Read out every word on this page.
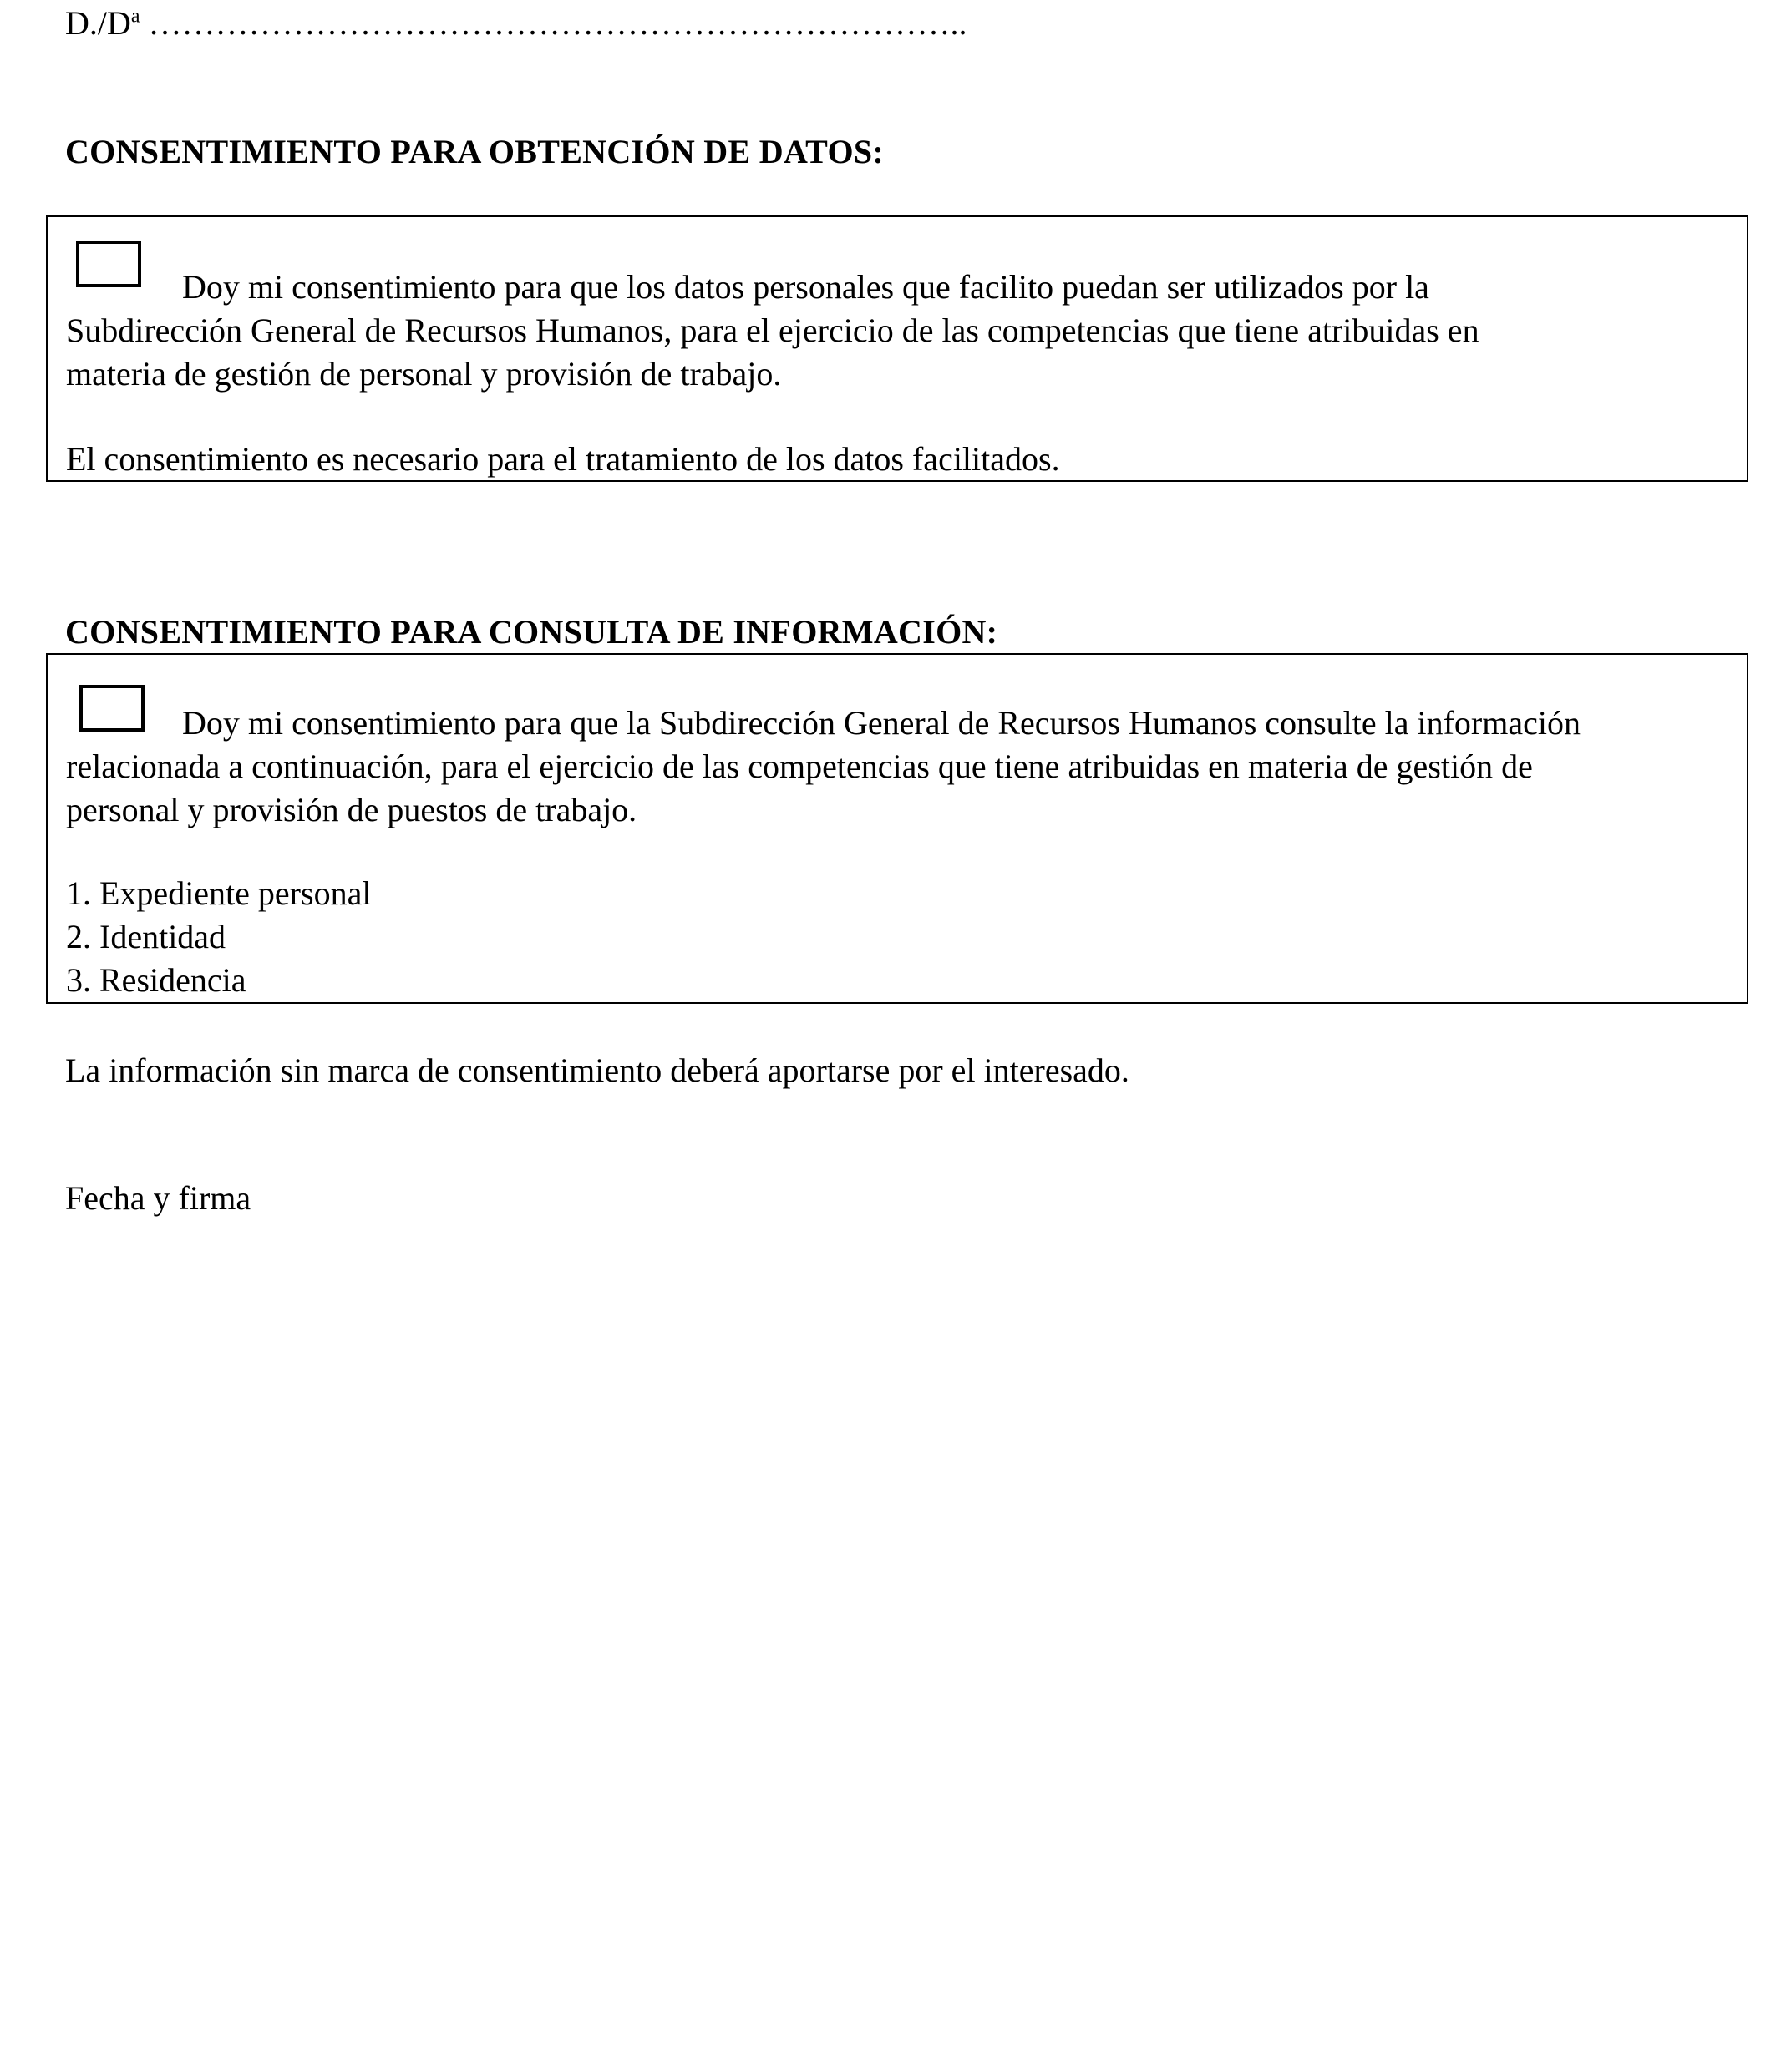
$D./D^a$ ………………………………………………………………..
CONSENTIMIENTO PARA OBTENCIÓN DE DATOS:
Doy mi consentimiento para que los datos personales que facilito puedan ser utilizados por la
Subdirección General de Recursos Humanos, para el ejercicio de las competencias que tiene atribuidas en
materia de gestión de personal y provisión de trabajo.
El consentimiento es necesario para el tratamiento de los datos facilitados.
CONSENTIMIENTO PARA CONSULTA DE INFORMACIÓN:
Doy mi consentimiento para que la Subdirección General de Recursos Humanos consulte la información
relacionada a continuación, para el ejercicio de las competencias que tiene atribuidas en materia de gestión de
personal y provisión de puestos de trabajo.
1. Expediente personal
2. Identidad
3. Residencia
La información sin marca de consentimiento deberá aportarse por el interesado.
Fecha y firma
